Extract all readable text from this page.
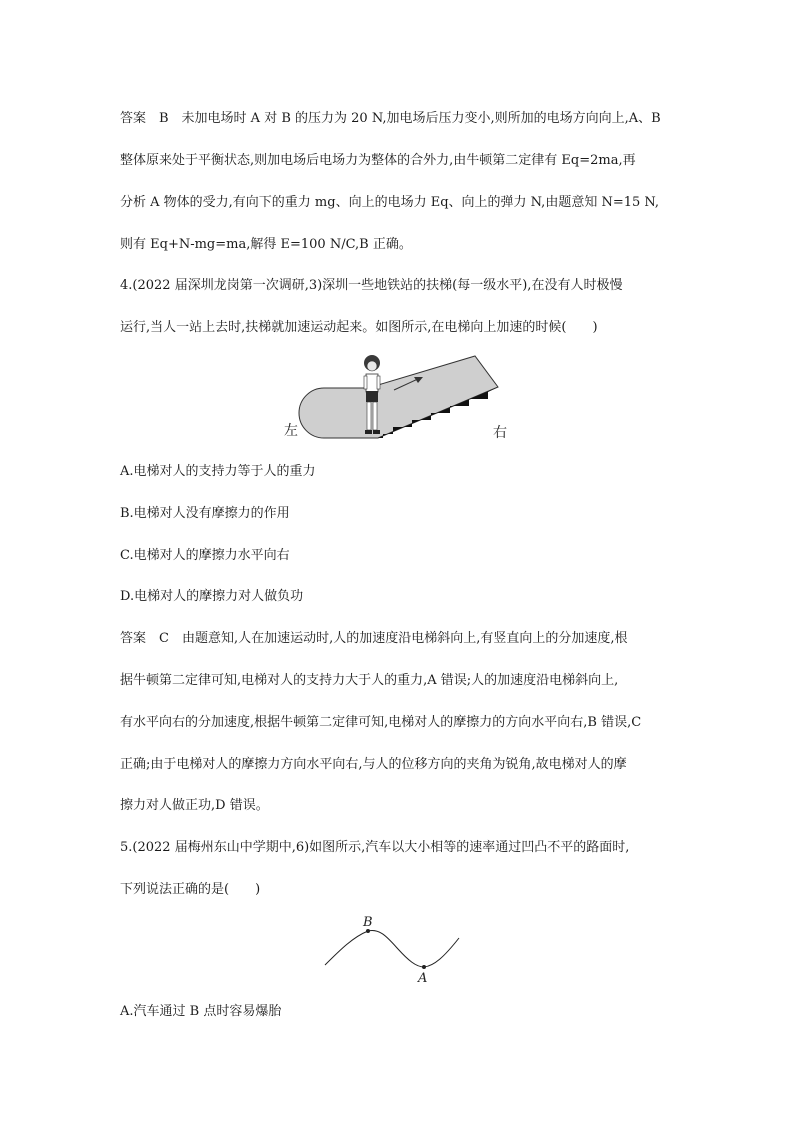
答案　B　未加电场时 A 对 B 的压力为 20 N,加电场后压力变小,则所加的电场方向向上,A、B
整体原来处于平衡状态,则加电场后电场力为整体的合外力,由牛顿第二定律有 Eq=2ma,再
分析 A 物体的受力,有向下的重力 mg、向上的电场力 Eq、向上的弹力 N,由题意知 N=15 N,
则有 Eq+N-mg=ma,解得 E=100 N/C,B 正确。
4.(2022 届深圳龙岗第一次调研,3)深圳一些地铁站的扶梯(每一级水平),在没有人时极慢
运行,当人一站上去时,扶梯就加速运动起来。如图所示,在电梯向上加速的时候(　　)
左	右
A.电梯对人的支持力等于人的重力
B.电梯对人没有摩擦力的作用
C.电梯对人的摩擦力水平向右
D.电梯对人的摩擦力对人做负功
答案　C　由题意知,人在加速运动时,人的加速度沿电梯斜向上,有竖直向上的分加速度,根
据牛顿第二定律可知,电梯对人的支持力大于人的重力,A 错误;人的加速度沿电梯斜向上,
有水平向右的分加速度,根据牛顿第二定律可知,电梯对人的摩擦力的方向水平向右,B 错误,C
正确;由于电梯对人的摩擦力方向水平向右,与人的位移方向的夹角为锐角,故电梯对人的摩
擦力对人做正功,D 错误。
5.(2022 届梅州东山中学期中,6)如图所示,汽车以大小相等的速率通过凹凸不平的路面时,
下列说法正确的是(　　)
B
A
A.汽车通过 B 点时容易爆胎
